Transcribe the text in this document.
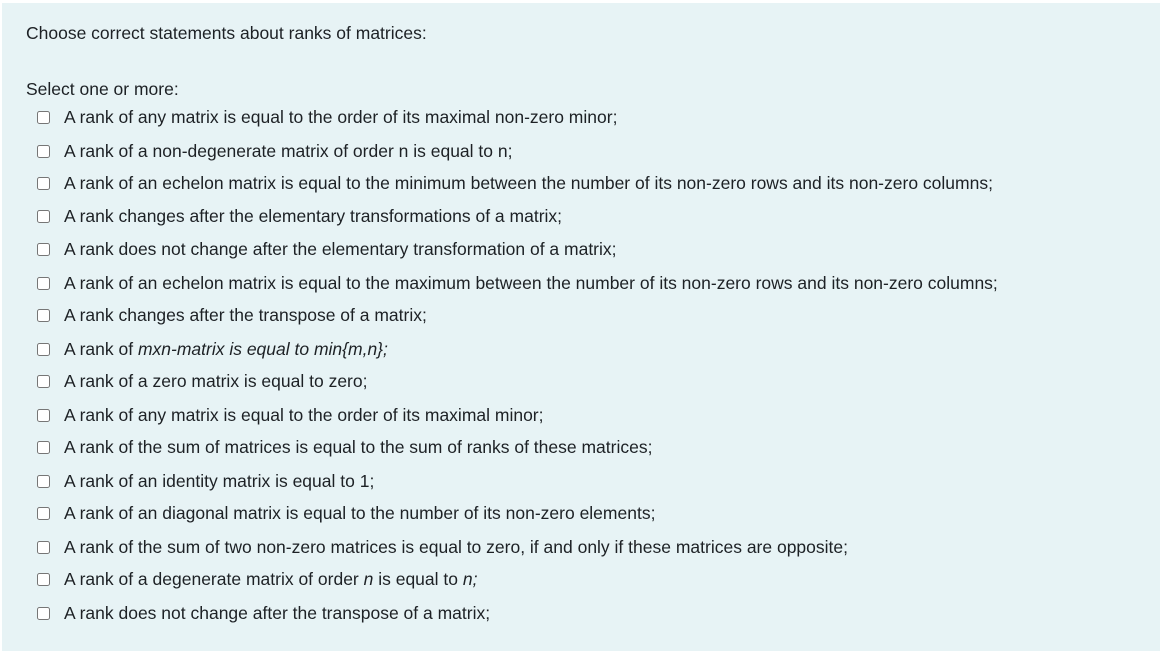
Choose correct statements about ranks of matrices:
Select one or more:
A rank of any matrix is equal to the order of its maximal non-zero minor;
A rank of a non-degenerate matrix of order n is equal to n;
A rank of an echelon matrix is equal to the minimum between the number of its non-zero rows and its non-zero columns;
A rank changes after the elementary transformations of a matrix;
A rank does not change after the elementary transformation of a matrix;
A rank of an echelon matrix is equal to the maximum between the number of its non-zero rows and its non-zero columns;
A rank changes after the transpose of a matrix;
A rank of mxn-matrix is equal to min{m,n};
A rank of a zero matrix is equal to zero;
A rank of any matrix is equal to the order of its maximal minor;
A rank of the sum of matrices is equal to the sum of ranks of these matrices;
A rank of an identity matrix is equal to 1;
A rank of an diagonal matrix is equal to the number of its non-zero elements;
A rank of the sum of two non-zero matrices is equal to zero, if and only if these matrices are opposite;
A rank of a degenerate matrix of order n is equal to n;
A rank does not change after the transpose of a matrix;
